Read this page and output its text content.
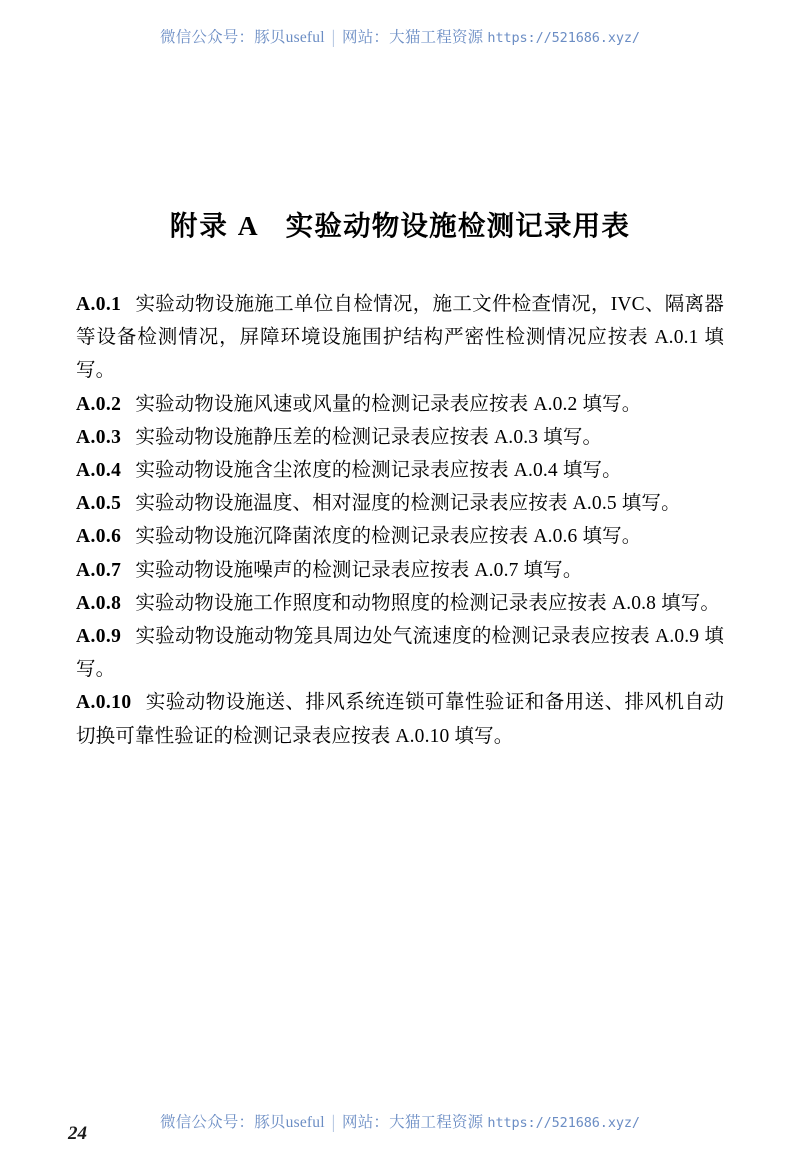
微信公众号：豚贝useful | 网站：大猫工程资源 https://521686.xyz/
附录 A 实验动物设施检测记录用表

A.0.1 实验动物设施施工单位自检情况，施工文件检查情况，IVC、隔离器等设备检测情况，屏障环境设施围护结构严密性检测情况应按表 A.0.1 填写。

A.0.2 实验动物设施风速或风量的检测记录表应按表 A.0.2 填写。

A.0.3 实验动物设施静压差的检测记录表应按表 A.0.3 填写。

A.0.4 实验动物设施含尘浓度的检测记录表应按表 A.0.4 填写。

A.0.5 实验动物设施温度、相对湿度的检测记录表应按表 A.0.5 填写。

A.0.6 实验动物设施沉降菌浓度的检测记录表应按表 A.0.6 填写。

A.0.7 实验动物设施噪声的检测记录表应按表 A.0.7 填写。

A.0.8 实验动物设施工作照度和动物照度的检测记录表应按表 A.0.8 填写。

A.0.9 实验动物设施动物笼具周边处气流速度的检测记录表应按表 A.0.9 填写。

A.0.10 实验动物设施送、排风系统连锁可靠性验证和备用送、排风机自动切换可靠性验证的检测记录表应按表 A.0.10 填写。

微信公众号：豚贝useful | 网站：大猫工程资源 https://521686.xyz/
24
